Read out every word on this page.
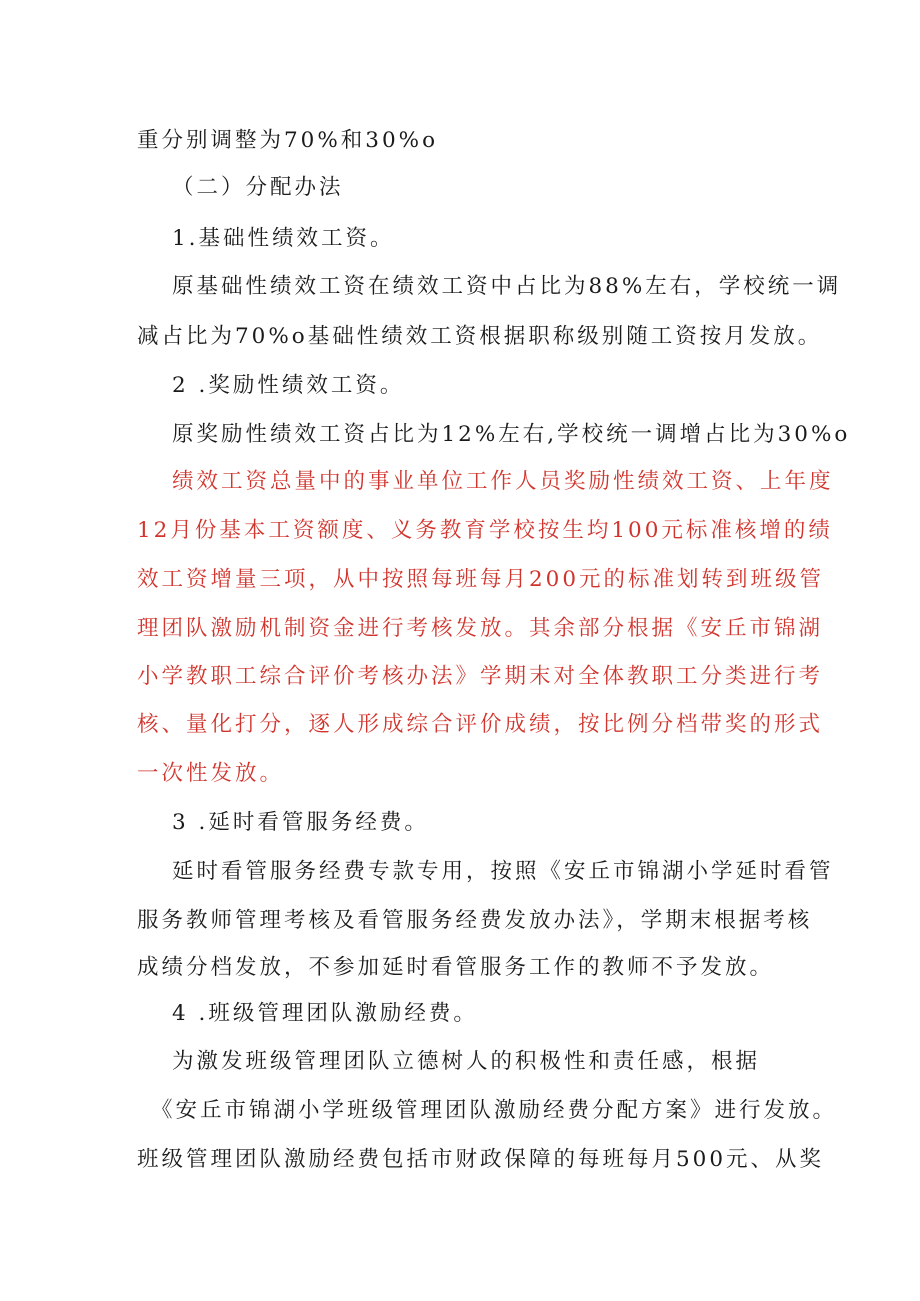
重分别调整为70%和30%o

（二）分配办法

1.基础性绩效工资。

原基础性绩效工资在绩效工资中占比为88%左右，学校统一调

减占比为70%o基础性绩效工资根据职称级别随工资按月发放。

2 .奖励性绩效工资。

原奖励性绩效工资占比为12%左右,学校统一调增占比为30%o

绩效工资总量中的事业单位工作人员奖励性绩效工资、上年度

12月份基本工资额度、义务教育学校按生均100元标准核增的绩

效工资增量三项，从中按照每班每月200元的标准划转到班级管

理团队激励机制资金进行考核发放。其余部分根据《安丘市锦湖

小学教职工综合评价考核办法》学期末对全体教职工分类进行考

核、量化打分，逐人形成综合评价成绩，按比例分档带奖的形式

一次性发放。

3 .延时看管服务经费。

延时看管服务经费专款专用，按照《安丘市锦湖小学延时看管

服务教师管理考核及看管服务经费发放办法》，学期末根据考核

成绩分档发放，不参加延时看管服务工作的教师不予发放。

4 .班级管理团队激励经费。

为激发班级管理团队立德树人的积极性和责任感，根据

《安丘市锦湖小学班级管理团队激励经费分配方案》进行发放。

班级管理团队激励经费包括市财政保障的每班每月500元、从奖
